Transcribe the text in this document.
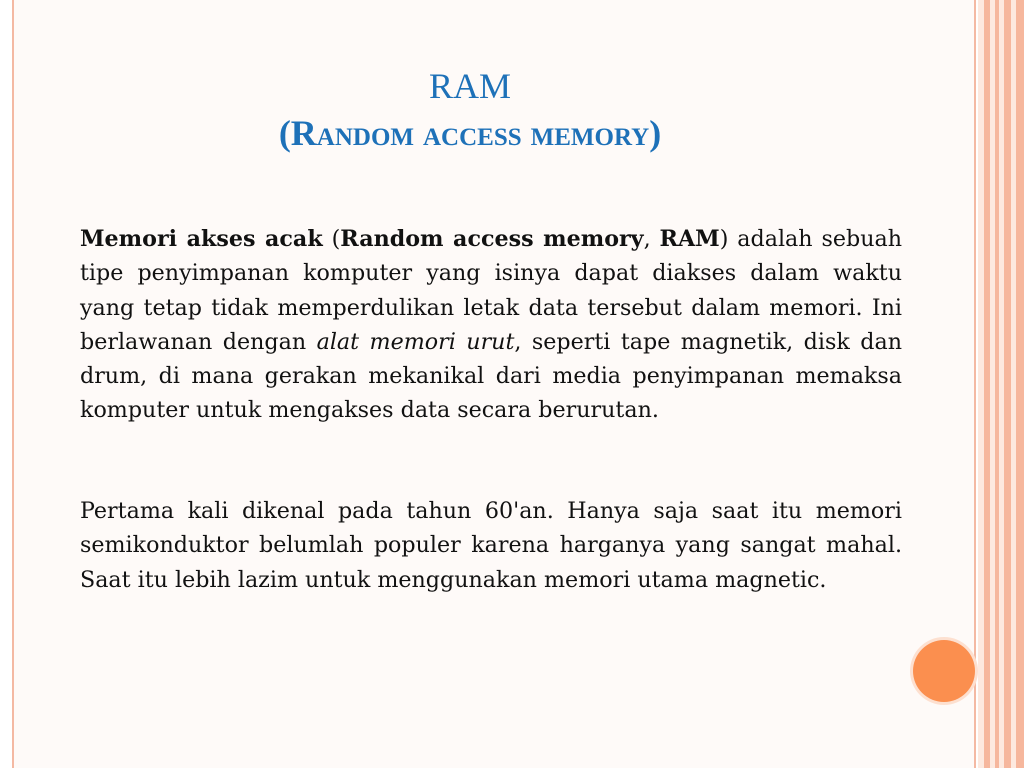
RAM
(Random access memory)
Memori akses acak (Random access memory, RAM) adalah sebuah tipe penyimpanan komputer yang isinya dapat diakses dalam waktu yang tetap tidak memperdulikan letak data tersebut dalam memori. Ini berlawanan dengan alat memori urut, seperti tape magnetik, disk dan drum, di mana gerakan mekanikal dari media penyimpanan memaksa komputer untuk mengakses data secara berurutan.
Pertama kali dikenal pada tahun 60'an. Hanya saja saat itu memori semikonduktor belumlah populer karena harganya yang sangat mahal. Saat itu lebih lazim untuk menggunakan memori utama magnetic.
